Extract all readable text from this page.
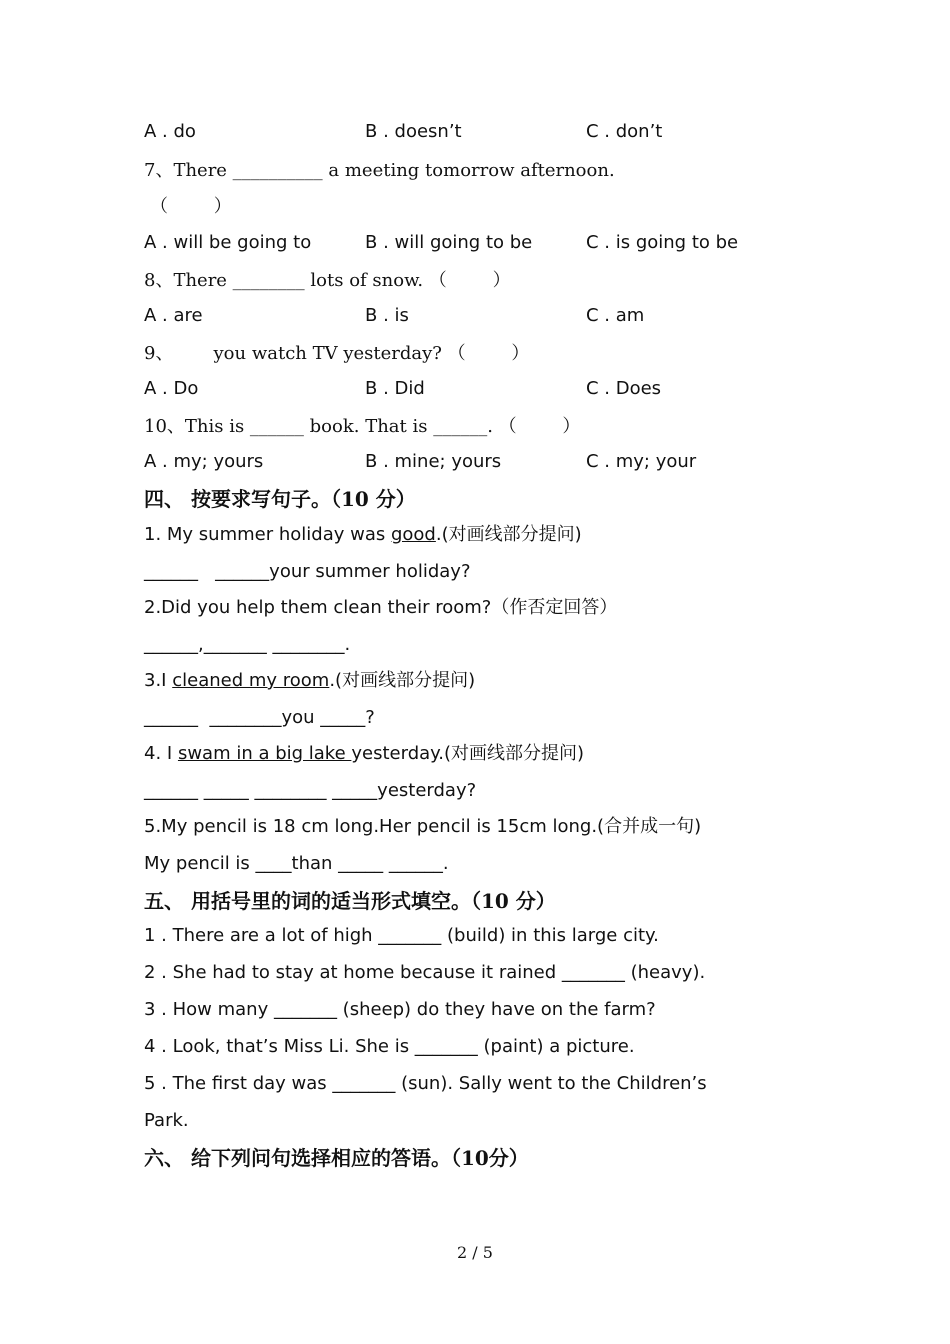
A . do	B . doesn’t	C . don’t
7、There __________ a meeting tomorrow afternoon.
（        ）
A . will be going to	B . will going to be	C . is going to be
8、There ________ lots of snow. （        ）
A . are	B . is	C . am
9、       you watch TV yesterday? （        ）
A . Do	B . Did	C . Does
10、This is ______ book. That is ______. （        ）
A . my; yours	B . mine; yours	C . my; your
四、 按要求写句子。（10 分）
1. My summer holiday was good.(对画线部分提问)
______   ______your summer holiday?
2.Did you help them clean their room?（作否定回答）
______,_______ ________.
3.I cleaned my room.(对画线部分提问)
______  ________you _____?
4. I swam in a big lake yesterday.(对画线部分提问)
______ _____ ________ _____yesterday?
5.My pencil is 18 cm long.Her pencil is 15cm long.(合并成一句)
My pencil is ____than _____ ______.
五、 用括号里的词的适当形式填空。（10 分）
1 . There are a lot of high _______ (build) in this large city.
2 . She had to stay at home because it rained _______ (heavy).
3 . How many _______ (sheep) do they have on the farm?
4 . Look, that’s Miss Li. She is _______ (paint) a picture.
5 . The first day was _______ (sun). Sally went to the Children’s
Park.
六、 给下列问句选择相应的答语。（10分）
2 / 5
